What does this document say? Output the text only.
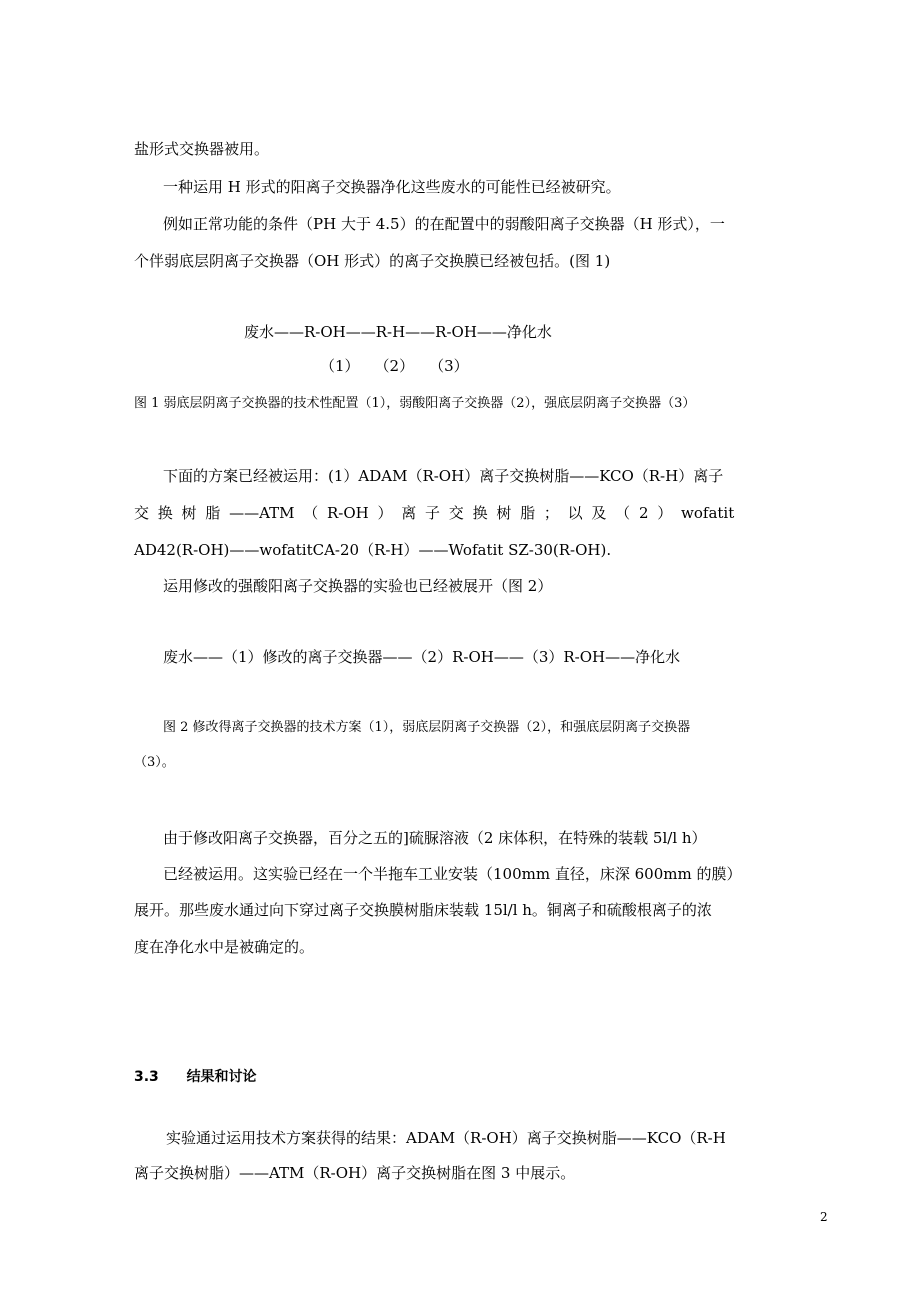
盐形式交换器被用。
一种运用 H 形式的阳离子交换器净化这些废水的可能性已经被研究。
例如正常功能的条件（PH 大于 4.5）的在配置中的弱酸阳离子交换器（H 形式），一
个伴弱底层阴离子交换器（OH 形式）的离子交换膜已经被包括。(图 1)
废水——R-OH——R-H——R-OH——净化水
（1）　　（2）　　（3）
图 1 弱底层阴离子交换器的技术性配置（1），弱酸阳离子交换器（2），强底层阴离子交换器（3）
下面的方案已经被运用：(1）ADAM（R-OH）离子交换树脂——KCO（R-H）离子
交 换 树 脂 ——ATM （ R-OH ） 离 子 交 换 树 脂 ； 以 及 （ 2 ） wofatit
AD42(R-OH)——wofatitCA-20（R-H）——Wofatit SZ-30(R-OH).
运用修改的强酸阳离子交换器的实验也已经被展开（图 2）
废水——（1）修改的离子交换器——（2）R-OH——（3）R-OH——净化水
图 2 修改得离子交换器的技术方案（1），弱底层阴离子交换器（2），和强底层阴离子交换器
（3）。
由于修改阳离子交换器，百分之五的]硫脲溶液（2 床体积，在特殊的装载 5l/l h）
已经被运用。这实验已经在一个半拖车工业安装（100mm 直径，床深 600mm 的膜）
展开。那些废水通过向下穿过离子交换膜树脂床装载 15l/l h。铜离子和硫酸根离子的浓
度在净化水中是被确定的。
3.3 结果和讨论
实验通过运用技术方案获得的结果：ADAM（R-OH）离子交换树脂——KCO（R-H
离子交换树脂）——ATM（R-OH）离子交换树脂在图 3 中展示。
2
